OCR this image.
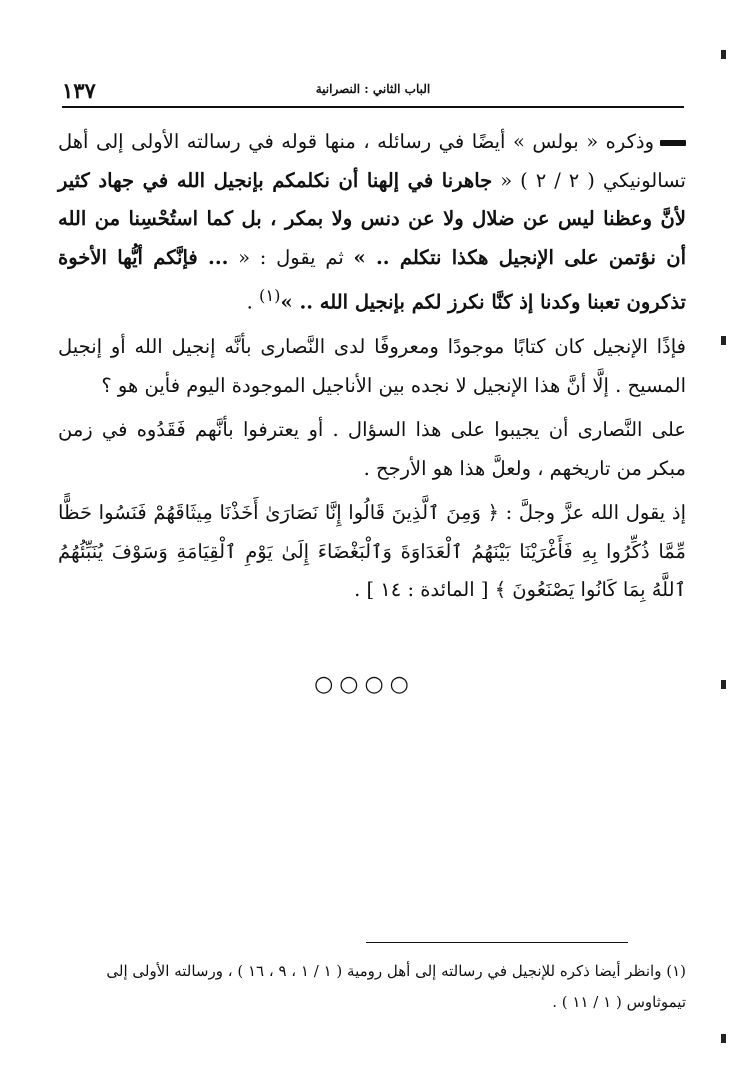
١٣٧	الباب الثاني : النصرانية

وذكره « بولس » أيضًا في رسائله ، منها قوله في رسالته الأولى إلى أهل تسالونيكي ( ٢ / ٢ ) « جاهرنا في إلهنا أن نكلمكم بإنجيل الله في جهاد كثير لأنَّ وعظنا ليس عن ضلال ولا عن دنس ولا بمكر ، بل كما استُحْسِنا من الله أن نؤتمن على الإنجيل هكذا نتكلم .. » ثم يقول : « ... فإنَّكم أيُّها الأخوة تذكرون تعبنا وكدنا إذ كنَّا نكرز لكم بإنجيل الله .. »$^{(١)}$ .

فإذًا الإنجيل كان كتابًا موجودًا ومعروفًا لدى النَّصارى بأنَّه إنجيل الله أو إنجيل المسيح . إلَّا أنَّ هذا الإنجيل لا نجده بين الأناجيل الموجودة اليوم فأين هو ؟

على النَّصارى أن يجيبوا على هذا السؤال . أو يعترفوا بأنَّهم فَقَدُوه في زمن مبكر من تاريخهم ، ولعلَّ هذا هو الأرجح .

إذ يقول الله عزَّ وجلَّ : ﴿ وَمِنَ ٱلَّذِينَ قَالُوا إِنَّا نَصَارَىٰ أَخَذْنَا مِيثَاقَهُمْ فَنَسُوا حَظًّا مِّمَّا ذُكِّرُوا بِهِ فَأَغْرَيْنَا بَيْنَهُمُ ٱلْعَدَاوَةَ وَٱلْبَغْضَاءَ إِلَىٰ يَوْمِ ٱلْقِيَامَةِ وَسَوْفَ يُنَبِّئُهُمُ ٱللَّهُ بِمَا كَانُوا يَصْنَعُونَ ﴾ [ المائدة : ١٤ ] .

○○○○
(١) وانظر أيضا ذكره للإنجيل في رسالته إلى أهل رومية ( ١ / ١ ، ٩ ، ١٦ ) ، ورسالته الأولى إلى تيموثاوس ( ١ / ١١ ) .
